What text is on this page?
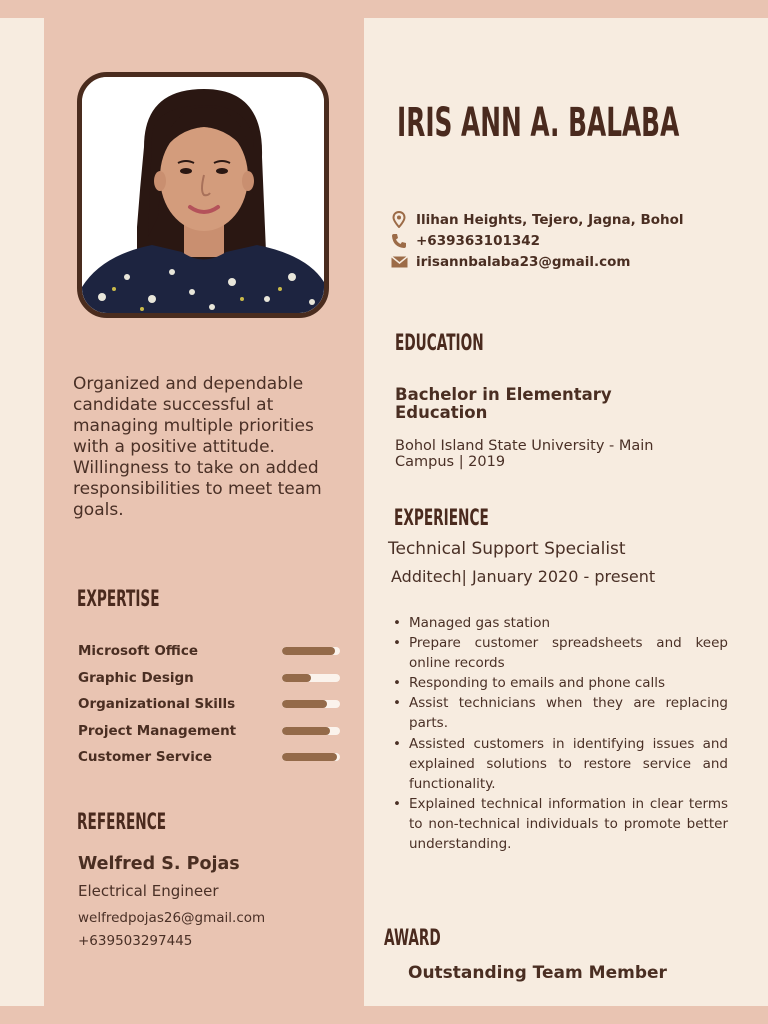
IRIS ANN A. BALABA
Ilihan Heights, Tejero, Jagna, Bohol
+639363101342
irisannbalaba23@gmail.com
Organized and dependable candidate successful at managing multiple priorities with a positive attitude. Willingness to take on added responsibilities to meet team goals.
EXPERTISE
Microsoft Office
Graphic Design
Organizational Skills
Project Management
Customer Service
REFERENCE
Welfred S. Pojas
Electrical Engineer
welfredpojas26@gmail.com
+639503297445
EDUCATION
Bachelor in Elementary Education
Bohol Island State University - Main Campus | 2019
EXPERIENCE
Technical Support Specialist
Additech| January 2020 - present
• Managed gas station
• Prepare customer spreadsheets and keep online records
• Responding to emails and phone calls
• Assist technicians when they are replacing parts.
• Assisted customers in identifying issues and explained solutions to restore service and functionality.
• Explained technical information in clear terms to non-technical individuals to promote better understanding.
AWARD
Outstanding Team Member
